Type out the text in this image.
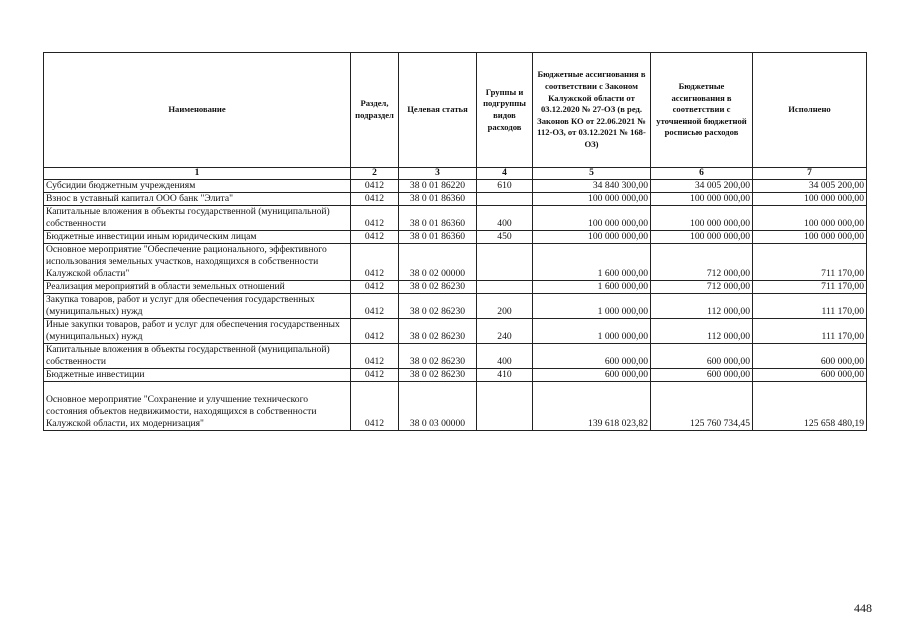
Наименование	Раздел, подраздел	Целевая статья	Группы и подгруппы видов расходов	Бюджетные ассигнования в соответствии с Законом Калужской области от 03.12.2020 № 27-ОЗ (в ред. Законов КО от 22.06.2021 № 112-ОЗ, от 03.12.2021 № 168-ОЗ)	Бюджетные ассигнования в соответствии с уточненной бюджетной росписью расходов	Исполнено
1	2	3	4	5	6	7
Субсидии бюджетным учреждениям	0412	38 0 01 86220	610	34 840 300,00	34 005 200,00	34 005 200,00
Взнос в уставный капитал ООО банк "Элита"	0412	38 0 01 86360		100 000 000,00	100 000 000,00	100 000 000,00
Капитальные вложения в объекты государственной (муниципальной) собственности	0412	38 0 01 86360	400	100 000 000,00	100 000 000,00	100 000 000,00
Бюджетные инвестиции иным юридическим лицам	0412	38 0 01 86360	450	100 000 000,00	100 000 000,00	100 000 000,00
Основное мероприятие "Обеспечение рационального, эффективного использования земельных участков, находящихся в собственности Калужской области"	0412	38 0 02 00000		1 600 000,00	712 000,00	711 170,00
Реализация мероприятий в области земельных отношений	0412	38 0 02 86230		1 600 000,00	712 000,00	711 170,00
Закупка товаров, работ и услуг для обеспечения государственных (муниципальных) нужд	0412	38 0 02 86230	200	1 000 000,00	112 000,00	111 170,00
Иные закупки товаров, работ и услуг для обеспечения государственных (муниципальных) нужд	0412	38 0 02 86230	240	1 000 000,00	112 000,00	111 170,00
Капитальные вложения в объекты государственной (муниципальной) собственности	0412	38 0 02 86230	400	600 000,00	600 000,00	600 000,00
Бюджетные инвестиции	0412	38 0 02 86230	410	600 000,00	600 000,00	600 000,00
Основное мероприятие "Сохранение и улучшение технического состояния объектов недвижимости, находящихся в собственности Калужской области, их модернизация"	0412	38 0 03 00000		139 618 023,82	125 760 734,45	125 658 480,19
448
